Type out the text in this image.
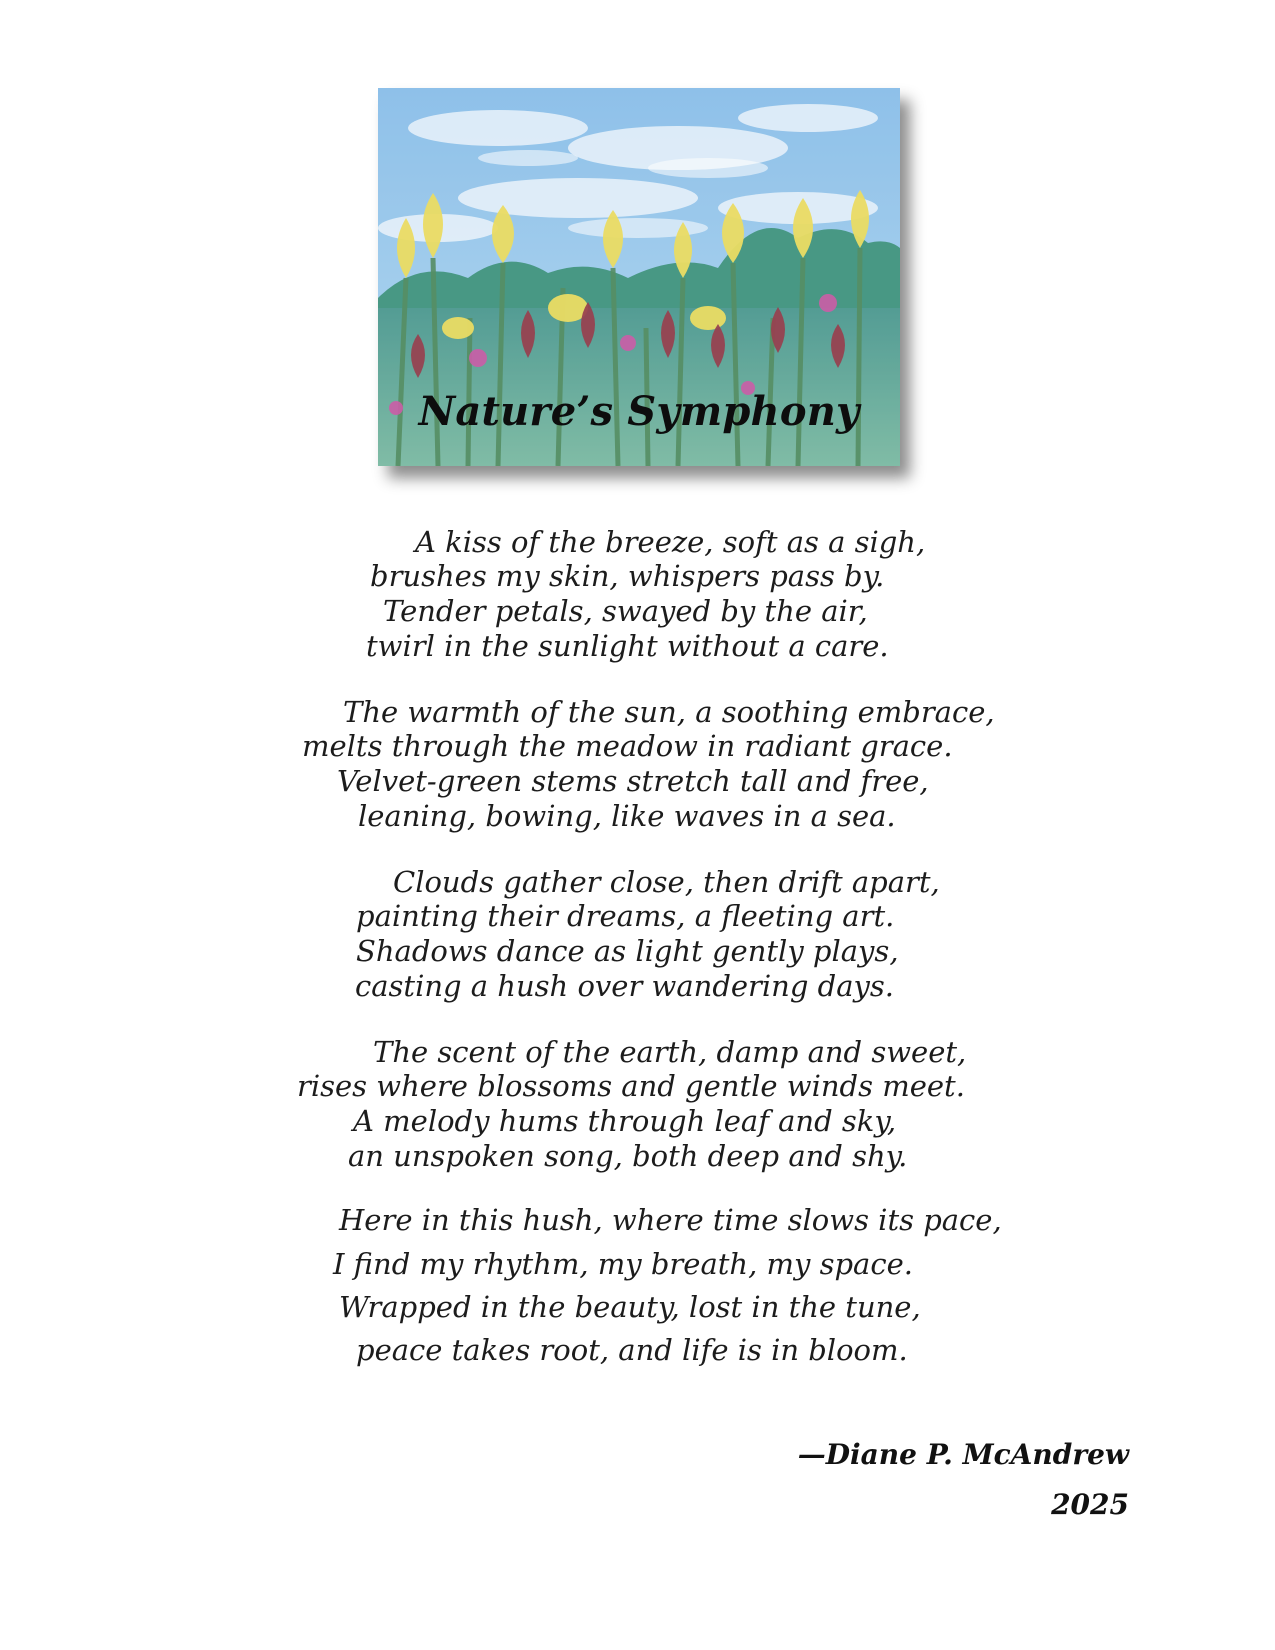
Nature’s Symphony
A kiss of the breeze, soft as a sigh,
brushes my skin, whispers pass by.
Tender petals, swayed by the air,
twirl in the sunlight without a care.
The warmth of the sun, a soothing embrace,
melts through the meadow in radiant grace.
Velvet-green stems stretch tall and free,
leaning, bowing, like waves in a sea.
Clouds gather close, then drift apart,
painting their dreams, a fleeting art.
Shadows dance as light gently plays,
casting a hush over wandering days.
The scent of the earth, damp and sweet,
rises where blossoms and gentle winds meet.
A melody hums through leaf and sky,
an unspoken song, both deep and shy.
Here in this hush, where time slows its pace,
I find my rhythm, my breath, my space.
Wrapped in the beauty, lost in the tune,
peace takes root, and life is in bloom.
—Diane P. McAndrew
2025
